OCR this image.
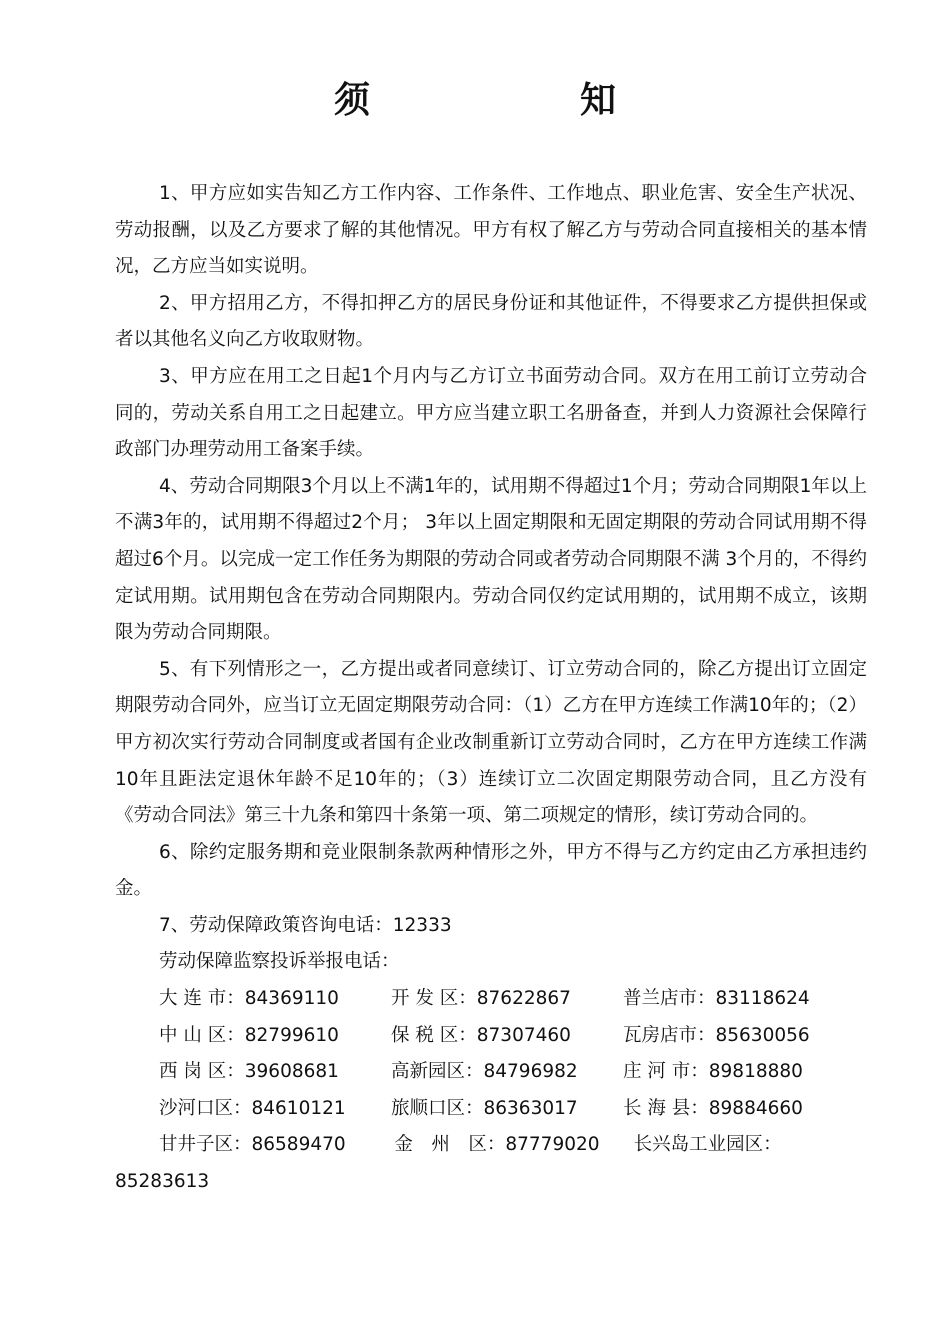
须　　知

1、甲方应如实告知乙方工作内容、工作条件、工作地点、职业危害、安全生产状况、劳动报酬，以及乙方要求了解的其他情况。甲方有权了解乙方与劳动合同直接相关的基本情况，乙方应当如实说明。

2、甲方招用乙方，不得扣押乙方的居民身份证和其他证件，不得要求乙方提供担保或者以其他名义向乙方收取财物。

3、甲方应在用工之日起1个月内与乙方订立书面劳动合同。双方在用工前订立劳动合同的，劳动关系自用工之日起建立。甲方应当建立职工名册备查，并到人力资源社会保障行政部门办理劳动用工备案手续。

4、劳动合同期限3个月以上不满1年的，试用期不得超过1个月；劳动合同期限1年以上不满3年的，试用期不得超过2个月； 3年以上固定期限和无固定期限的劳动合同试用期不得超过6个月。以完成一定工作任务为期限的劳动合同或者劳动合同期限不满 3个月的，不得约定试用期。试用期包含在劳动合同期限内。劳动合同仅约定试用期的，试用期不成立，该期限为劳动合同期限。

5、有下列情形之一，乙方提出或者同意续订、订立劳动合同的，除乙方提出订立固定期限劳动合同外，应当订立无固定期限劳动合同：（1）乙方在甲方连续工作满10年的；（2） 甲方初次实行劳动合同制度或者国有企业改制重新订立劳动合同时，乙方在甲方连续工作满10年且距法定退休年龄不足10年的；（3）连续订立二次固定期限劳动合同，且乙方没有《劳动合同法》第三十九条和第四十条第一项、第二项规定的情形，续订劳动合同的。

6、除约定服务期和竞业限制条款两种情形之外，甲方不得与乙方约定由乙方承担违约金。

7、劳动保障政策咨询电话：12333

劳动保障监察投诉举报电话：

大 连 市：84369110	开 发 区：87622867	普兰店市：83118624
中 山 区：82799610	保 税 区：87307460	瓦房店市：85630056
西 岗 区：39608681	高新园区：84796982	庄 河 市：89818880
沙河口区：84610121	旅顺口区：86363017	长 海 县：89884660
甘井子区：86589470	金　州　区：87779020	长兴岛工业园区：
85283613
